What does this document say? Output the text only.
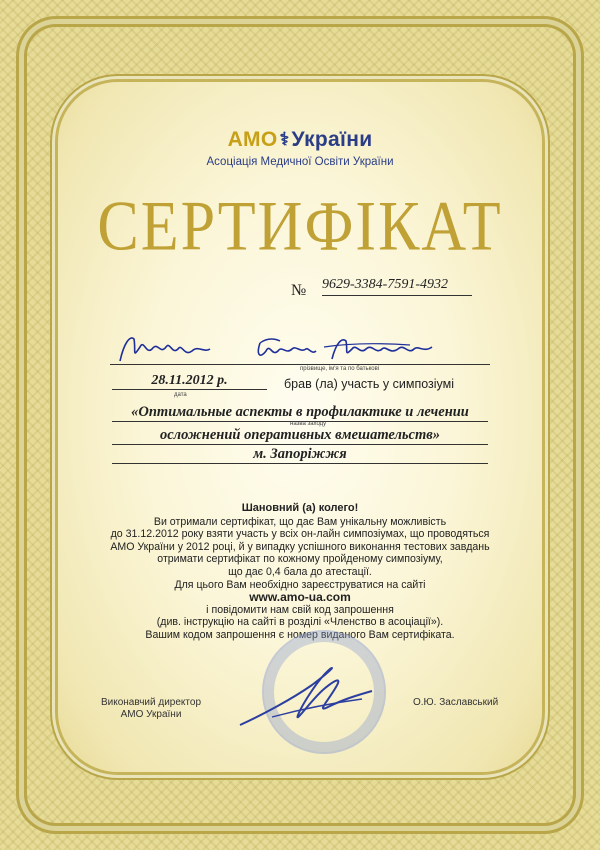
АМО ⚕України
Асоціація Медичної Освіти України
СЕРТИФІКАТ
№ 9629-3384-7591-4932
прізвище, ім'я та по батькові
28.11.2012 р.
дата
брав (ла) участь у симпозіумі
«Оптимальные аспекты в профилактике и лечении
назва заходу
осложнений оперативных вмешательств»
м. Запоріжжя
Шановний (а) колего!
Ви отримали сертифікат, що дає Вам унікальну можливість
до 31.12.2012 року взяти участь у всіх он-лайн симпозіумах, що проводяться
АМО України у 2012 році, й у випадку успішного виконання тестових завдань
отримати сертифікат по кожному пройденому симпозіуму,
що дає 0,4 бала до атестації.
Для цього Вам необхідно зареєструватися на сайті
www.amo-ua.com
і повідомити нам свій код запрошення
(див. інструкцію на сайті в розділі «Членство в асоціації»).
Вашим кодом запрошення є номер виданого Вам сертифіката.
Виконавчий директор
АМО України
О.Ю. Заславський
